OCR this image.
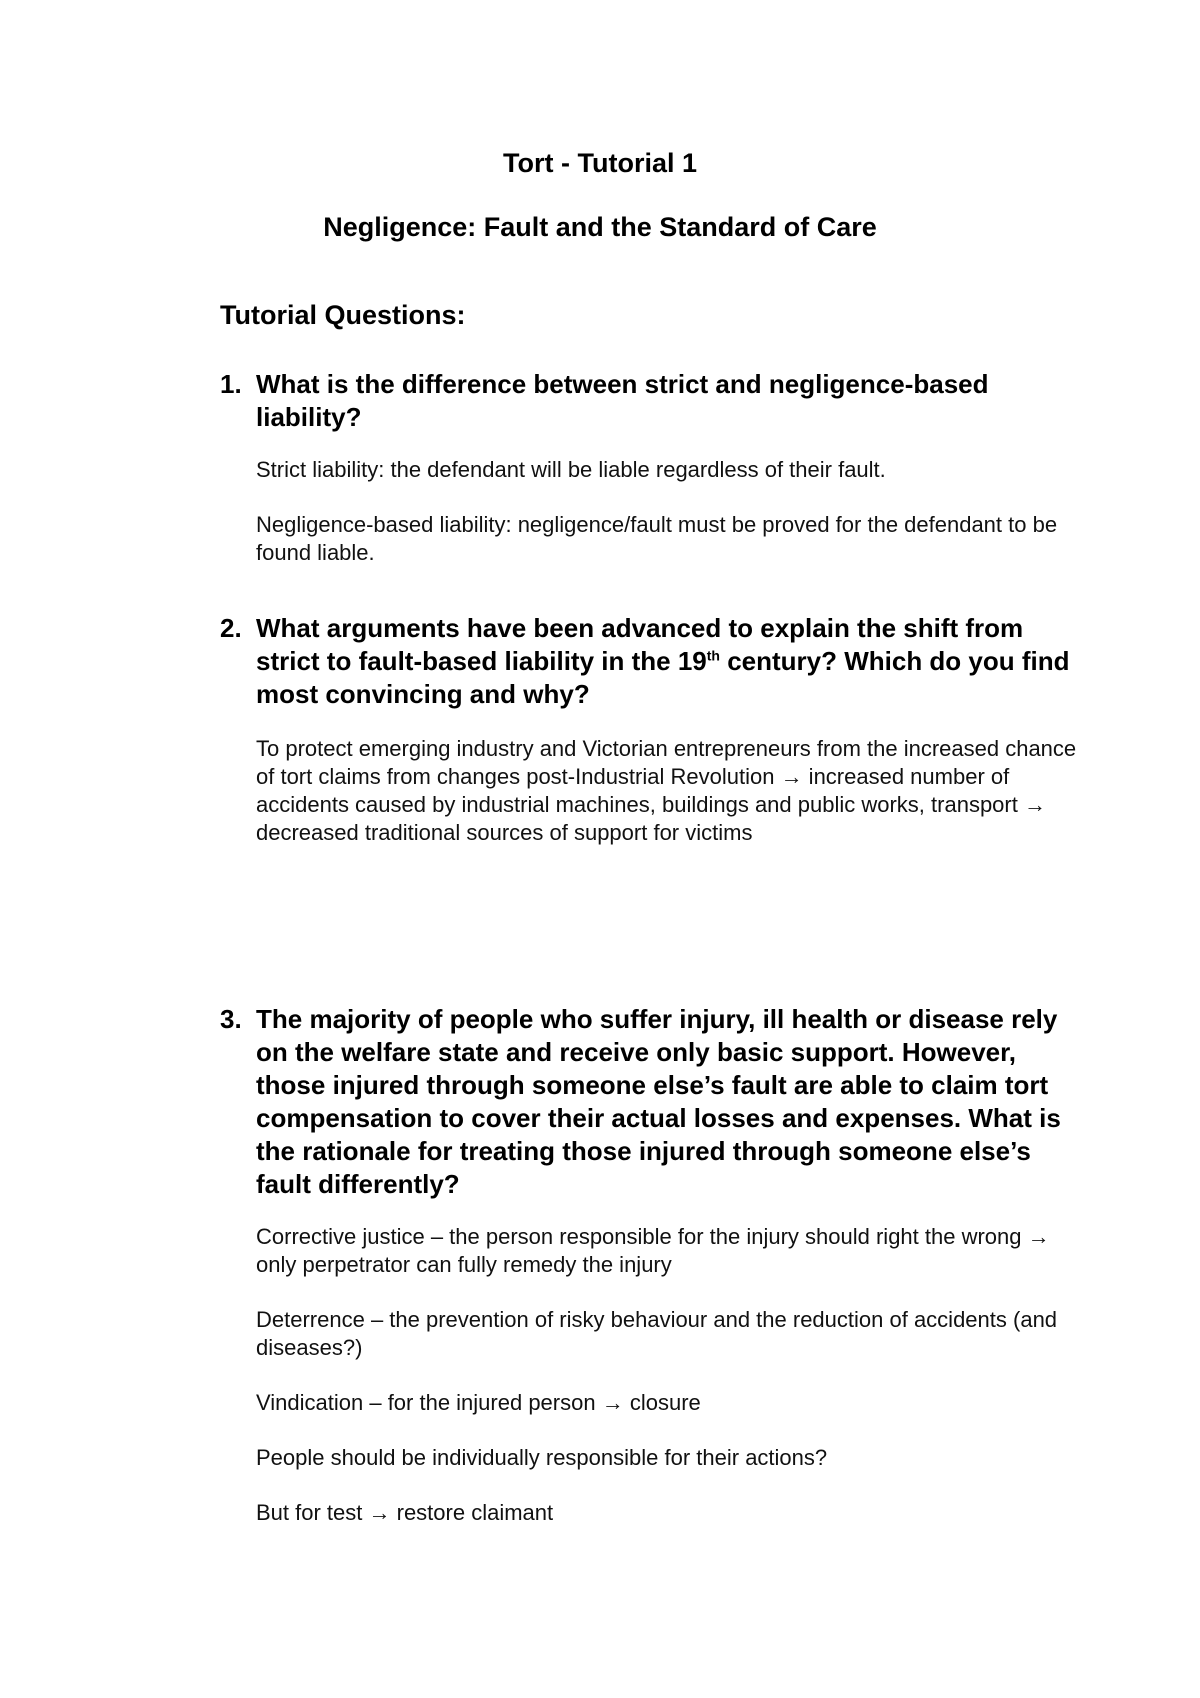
Tort - Tutorial 1
Negligence: Fault and the Standard of Care
Tutorial Questions:
1. What is the difference between strict and negligence-based liability?

Strict liability: the defendant will be liable regardless of their fault.

Negligence-based liability: negligence/fault must be proved for the defendant to be found liable.

2. What arguments have been advanced to explain the shift from strict to fault-based liability in the 19th century? Which do you find most convincing and why?

To protect emerging industry and Victorian entrepreneurs from the increased chance of tort claims from changes post-Industrial Revolution → increased number of accidents caused by industrial machines, buildings and public works, transport → decreased traditional sources of support for victims

3. The majority of people who suffer injury, ill health or disease rely on the welfare state and receive only basic support. However, those injured through someone else’s fault are able to claim tort compensation to cover their actual losses and expenses. What is the rationale for treating those injured through someone else’s fault differently?

Corrective justice – the person responsible for the injury should right the wrong → only perpetrator can fully remedy the injury

Deterrence – the prevention of risky behaviour and the reduction of accidents (and diseases?)

Vindication – for the injured person → closure

People should be individually responsible for their actions?

But for test → restore claimant
